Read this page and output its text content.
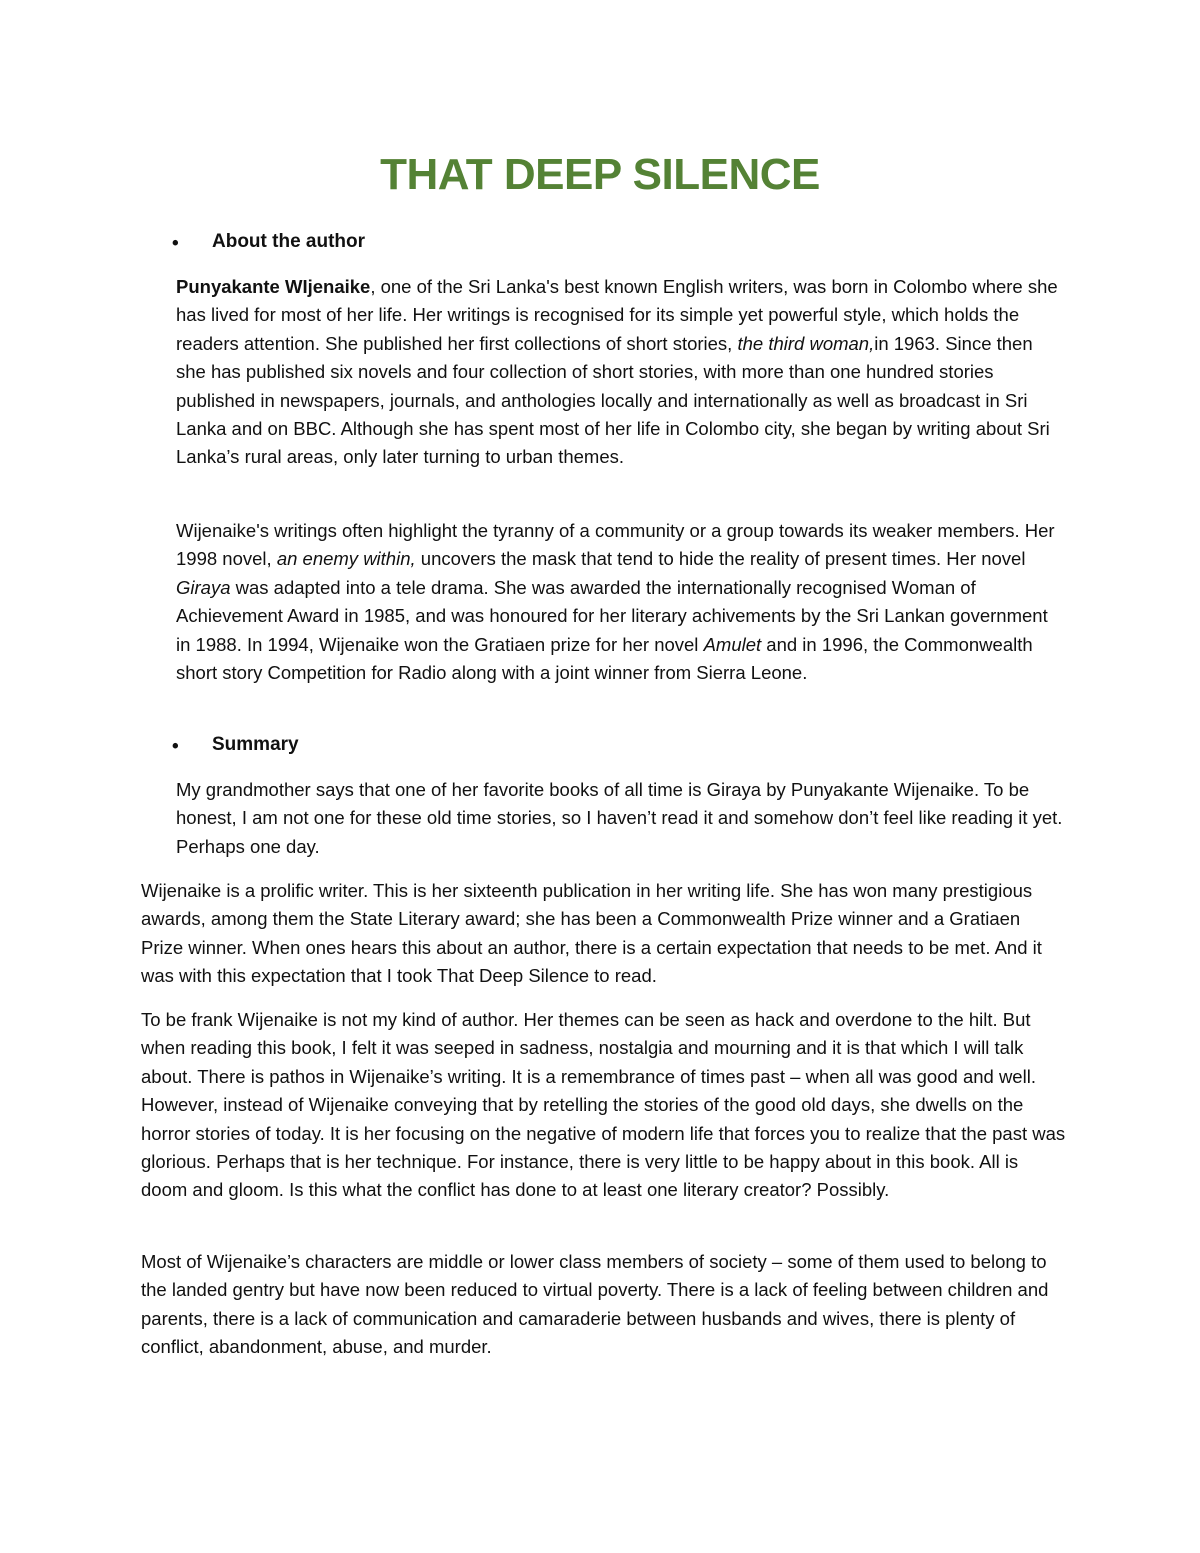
THAT DEEP SILENCE
• About the author

Punyakante WIjenaike, one of the Sri Lanka's best known English writers, was born in Colombo where she has lived for most of her life. Her writings is recognised for its simple yet powerful style, which holds the readers attention. She published her first collections of short stories, the third woman,in 1963. Since then she has published six novels and four collection of short stories, with more than one hundred stories published in newspapers, journals, and anthologies locally and internationally as well as broadcast in Sri Lanka and on BBC. Although she has spent most of her life in Colombo city, she began by writing about Sri Lanka’s rural areas, only later turning to urban themes.

Wijenaike's writings often highlight the tyranny of a community or a group towards its weaker members. Her 1998 novel, an enemy within, uncovers the mask that tend to hide the reality of present times. Her novel Giraya was adapted into a tele drama. She was awarded the internationally recognised Woman of Achievement Award in 1985, and was honoured for her literary achivements by the Sri Lankan government in 1988. In 1994, Wijenaike won the Gratiaen prize for her novel Amulet and in 1996, the Commonwealth short story Competition for Radio along with a joint winner from Sierra Leone.

• Summary

My grandmother says that one of her favorite books of all time is Giraya by Punyakante Wijenaike. To be honest, I am not one for these old time stories, so I haven’t read it and somehow don’t feel like reading it yet. Perhaps one day.

Wijenaike is a prolific writer. This is her sixteenth publication in her writing life. She has won many prestigious awards, among them the State Literary award; she has been a Commonwealth Prize winner and a Gratiaen Prize winner. When ones hears this about an author, there is a certain expectation that needs to be met. And it was with this expectation that I took That Deep Silence to read.

To be frank Wijenaike is not my kind of author. Her themes can be seen as hack and overdone to the hilt. But when reading this book, I felt it was seeped in sadness, nostalgia and mourning and it is that which I will talk about. There is pathos in Wijenaike’s writing. It is a remembrance of times past – when all was good and well. However, instead of Wijenaike conveying that by retelling the stories of the good old days, she dwells on the horror stories of today. It is her focusing on the negative of modern life that forces you to realize that the past was glorious. Perhaps that is her technique. For instance, there is very little to be happy about in this book. All is doom and gloom. Is this what the conflict has done to at least one literary creator? Possibly.

Most of Wijenaike’s characters are middle or lower class members of society – some of them used to belong to the landed gentry but have now been reduced to virtual poverty. There is a lack of feeling between children and parents, there is a lack of communication and camaraderie between husbands and wives, there is plenty of conflict, abandonment, abuse, and murder.
